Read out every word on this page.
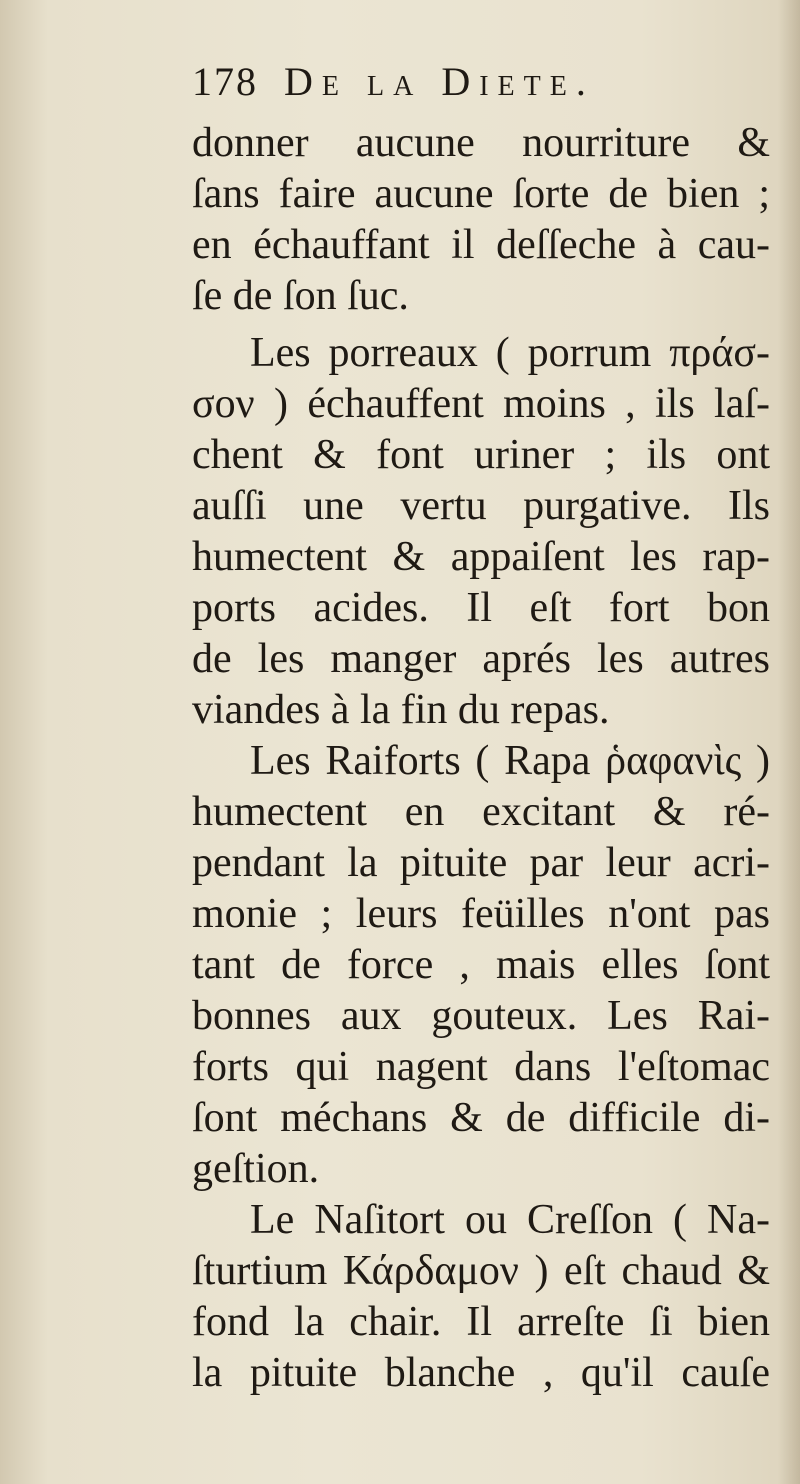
178 De la Diete.
donner aucune nourriture &
ſans faire aucune ſorte de bien ;
en échauffant il deſſeche à cau-
ſe de ſon ſuc.
Les porreaux ( porrum πράσ-
σον ) échauffent moins , ils laſ-
chent & font uriner ; ils ont
auſſi une vertu purgative. Ils
humectent & appaiſent les rap-
ports acides. Il eſt fort bon
de les manger aprés les autres
viandes à la fin du repas.
Les Raiforts ( Rapa ῥαφανὶς )
humectent en excitant & ré-
pendant la pituite par leur acri-
monie ; leurs feüilles n'ont pas
tant de force , mais elles ſont
bonnes aux gouteux. Les Rai-
forts qui nagent dans l'eſtomac
ſont méchans & de difficile di-
geſtion.
Le Naſitort ou Creſſon ( Na-
ſturtium Κάρδαμον ) eſt chaud &
fond la chair. Il arreſte ſi bien
la pituite blanche , qu'il cauſe
